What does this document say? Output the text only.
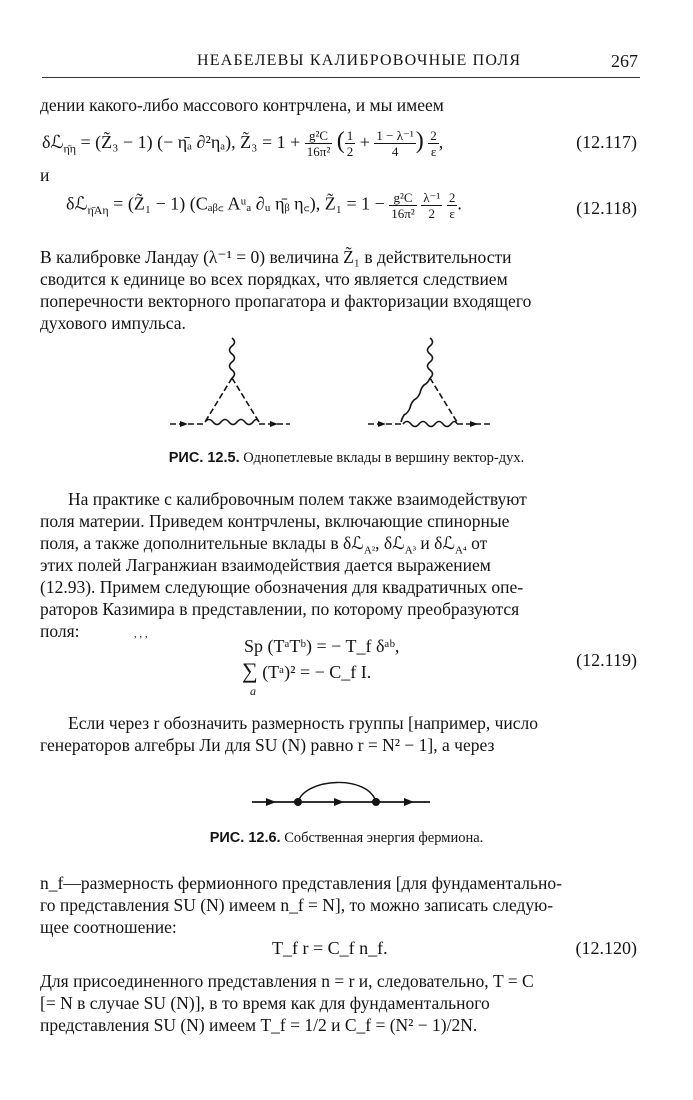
НЕАБЕЛЕВЫ КАЛИБРОВОЧНЫЕ ПОЛЯ	267
дении какого-либо массового контрчлена, и мы имеем
δℒ$_{\etā\eta}$ = (Z̃₃ − 1) (− η̄ₐ ∂²ηₐ), Z̃₃ = $1 + \frac{\text{g²C}}{\text{16π²}}$ ( $\frac{1}{2} + \frac{\text{1 − λ⁻¹}}{4}$ ) $\frac{2}{\varepsilon}$ ,	(12.117)
и
δℒ$_{\etāA\eta}$ = (Z̃₁ − 1) (Cₐᵦ꜀ Aᵘₐ ∂ᵤ η̄ᵦ η꜀), Z̃₁ = $1 - \frac{\text{g²C}}{\text{16π²}}$
$\frac{\text{λ⁻¹}}{2}$
$\frac{2}{\varepsilon}$ .	(12.118)
В калибровке Ландау (λ⁻¹ = 0) величина Z̃₁ в действительности
сводится к единице во всех порядках, что является следствием
поперечности векторного пропагатора и факторизации входящего
духового импульса.
РИС. 12.5. Однопетлевые вклады в вершину вектор-дух.
На практике с калибровочным полем также взаимодействуют
поля материи. Приведем контрчлены, включающие спинорные
поля, а также дополнительные вклады в δℒ$_{A^2}$, δℒ$_{A^3}$ и δℒ$_{A^4}$ от
этих полей Лагранжиан взаимодействия дается выражением
(12.93). Примем следующие обозначения для квадратичных опе-
раторов Казимира в представлении, по которому преобразуются
поля:	, , ,
Sp (TᵃTᵇ) = − T_f δᵃᵇ,
∑ (Tᵃ)² = − C_f I.
a
(12.119)
Если через r обозначить размерность группы [например, число
генераторов алгебры Ли для SU (N) равно r = N² − 1], а через
РИС. 12.6. Собственная энергия фермиона.
n_f—размерность фермионного представления [для фундаментально-
го представления SU (N) имеем n_f = N], то можно записать следую-
щее соотношение:
T_f r = C_f n_f.	(12.120)
Для присоединенного представления n = r и, следовательно, T = C
[= N в случае SU (N)], в то время как для фундаментального
представления SU (N) имеем T_f = 1/2 и C_f = (N² − 1)/2N.
